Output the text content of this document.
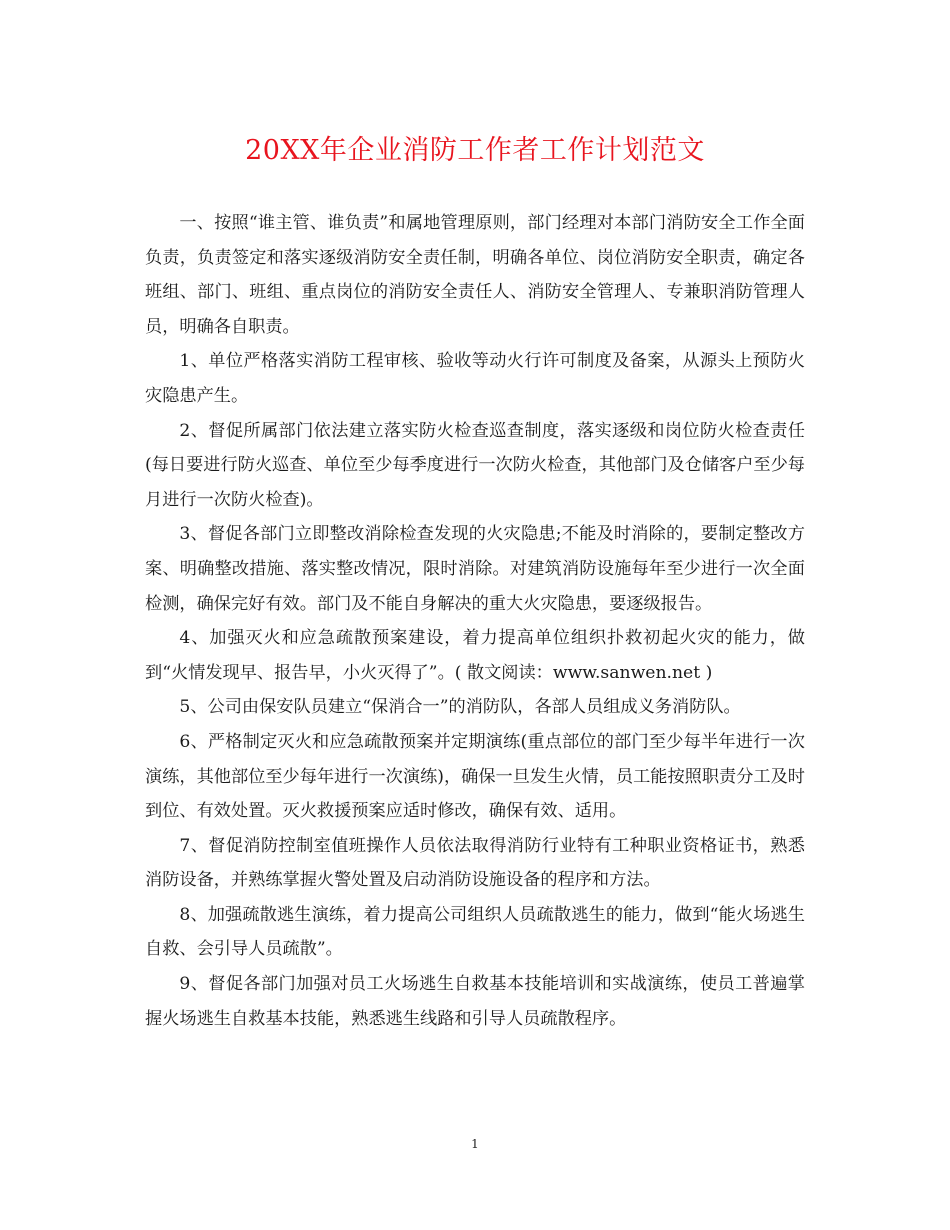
20XX年企业消防工作者工作计划范文

一、按照“谁主管、谁负责”和属地管理原则，部门经理对本部门消防安全工作全面负责，负责签定和落实逐级消防安全责任制，明确各单位、岗位消防安全职责，确定各班组、部门、班组、重点岗位的消防安全责任人、消防安全管理人、专兼职消防管理人员，明确各自职责。

1、单位严格落实消防工程审核、验收等动火行许可制度及备案，从源头上预防火灾隐患产生。

2、督促所属部门依法建立落实防火检查巡查制度，落实逐级和岗位防火检查责任(每日要进行防火巡查、单位至少每季度进行一次防火检查，其他部门及仓储客户至少每月进行一次防火检查)。

3、督促各部门立即整改消除检查发现的火灾隐患;不能及时消除的，要制定整改方案、明确整改措施、落实整改情况，限时消除。对建筑消防设施每年至少进行一次全面检测，确保完好有效。部门及不能自身解决的重大火灾隐患，要逐级报告。

4、加强灭火和应急疏散预案建设，着力提高单位组织扑救初起火灾的能力，做到“火情发现早、报告早，小火灭得了”。( 散文阅读：www.sanwen.net )

5、公司由保安队员建立“保消合一”的消防队，各部人员组成义务消防队。

6、严格制定灭火和应急疏散预案并定期演练(重点部位的部门至少每半年进行一次演练，其他部位至少每年进行一次演练)，确保一旦发生火情，员工能按照职责分工及时到位、有效处置。灭火救援预案应适时修改，确保有效、适用。

7、督促消防控制室值班操作人员依法取得消防行业特有工种职业资格证书，熟悉消防设备，并熟练掌握火警处置及启动消防设施设备的程序和方法。

8、加强疏散逃生演练，着力提高公司组织人员疏散逃生的能力，做到“能火场逃生自救、会引导人员疏散”。

9、督促各部门加强对员工火场逃生自救基本技能培训和实战演练，使员工普遍掌握火场逃生自救基本技能，熟悉逃生线路和引导人员疏散程序。

1
